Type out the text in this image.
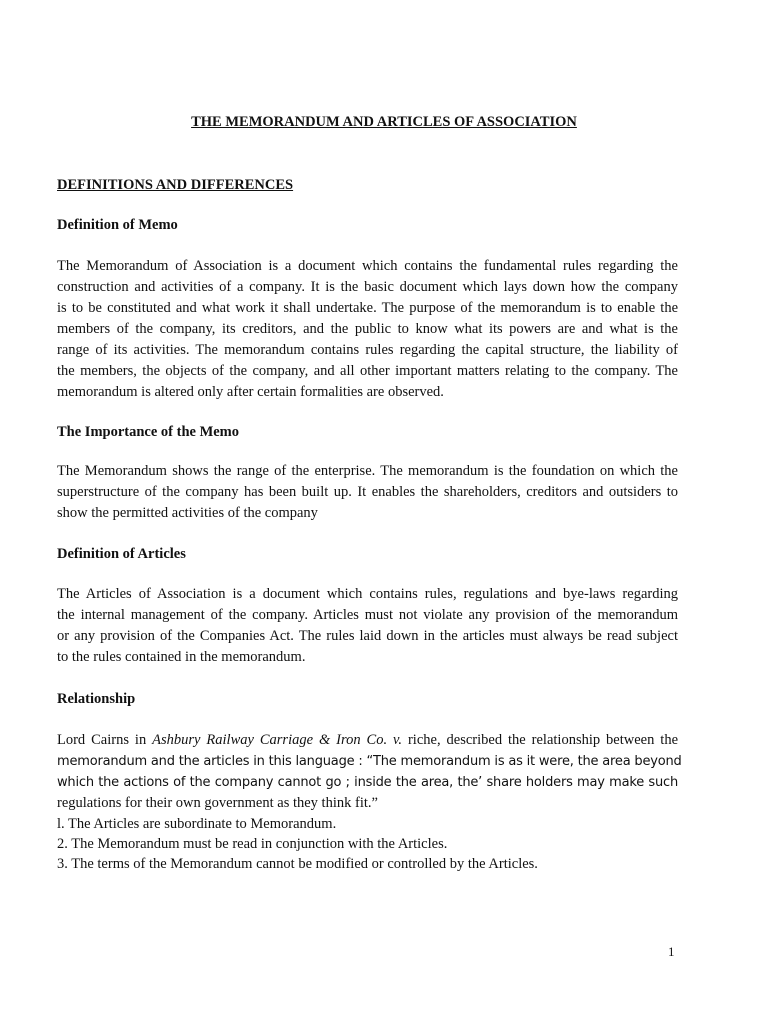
THE MEMORANDUM AND ARTICLES OF ASSOCIATION
DEFINITIONS AND DIFFERENCES
Definition of Memo
The Memorandum of Association is a document which contains the fundamental rules regarding the
construction and activities of a company. It is the basic document which lays down how the company
is to be constituted and what work it shall undertake. The purpose of the memorandum is to enable the
members of the company, its creditors, and the public to know what its powers are and what is the
range of its activities. The memorandum contains rules regarding the capital structure, the liability of
the members, the objects of the company, and all other important matters relating to the company. The
memorandum is altered only after certain formalities are observed.
The Importance of the Memo
The Memorandum shows the range of the enterprise. The memorandum is the foundation on which the
superstructure of the company has been built up. It enables the shareholders, creditors and outsiders to
show the permitted activities of the company
Definition of Articles
The Articles of Association is a document which contains rules, regulations and bye-laws regarding
the internal management of the company. Articles must not violate any provision of the memorandum
or any provision of the Companies Act. The rules laid down in the articles must always be read subject
to the rules contained in the memorandum.
Relationship
Lord Cairns in Ashbury Railway Carriage & Iron Co. v. riche, described the relationship between the
memorandum and the articles in this language : “The memorandum is as it were, the area beyond
which the actions of the company cannot go ; inside the area, the’ share holders may make such
regulations for their own government as they think fit.”
l. The Articles are subordinate to Memorandum.
2. The Memorandum must be read in conjunction with the Articles.
3. The terms of the Memorandum cannot be modified or controlled by the Articles.
1
